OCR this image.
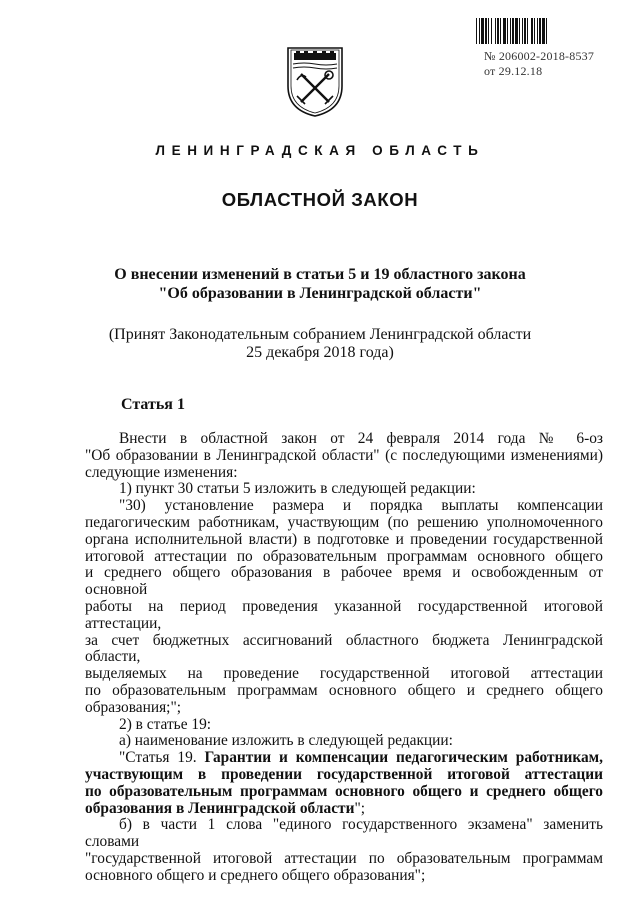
№ 206002-2018-8537
от 29.12.18
ЛЕНИНГРАДСКАЯ ОБЛАСТЬ
ОБЛАСТНОЙ ЗАКОН
О внесении изменений в статьи 5 и 19 областного закона
"Об образовании в Ленинградской области"
(Принят Законодательным собранием Ленинградской области
25 декабря 2018 года)
Статья 1

Внести в областной закон от 24 февраля 2014 года № 6-оз

"Об образовании в Ленинградской области" (с последующими изменениями)

следующие изменения:

1) пункт 30 статьи 5 изложить в следующей редакции:

"30) установление размера и порядка выплаты компенсации

педагогическим работникам, участвующим (по решению уполномоченного

органа исполнительной власти) в подготовке и проведении государственной

итоговой аттестации по образовательным программам основного общего

и среднего общего образования в рабочее время и освобожденным от основной

работы на период проведения указанной государственной итоговой аттестации,

за счет бюджетных ассигнований областного бюджета Ленинградской области,

выделяемых на проведение государственной итоговой аттестации

по образовательным программам основного общего и среднего общего

образования;";

2) в статье 19:

а) наименование изложить в следующей редакции:

"Статья 19. Гарантии и компенсации педагогическим работникам,

участвующим в проведении государственной итоговой аттестации

по образовательным программам основного общего и среднего общего

образования в Ленинградской области";

б) в части 1 слова "единого государственного экзамена" заменить словами

"государственной итоговой аттестации по образовательным программам

основного общего и среднего общего образования";
